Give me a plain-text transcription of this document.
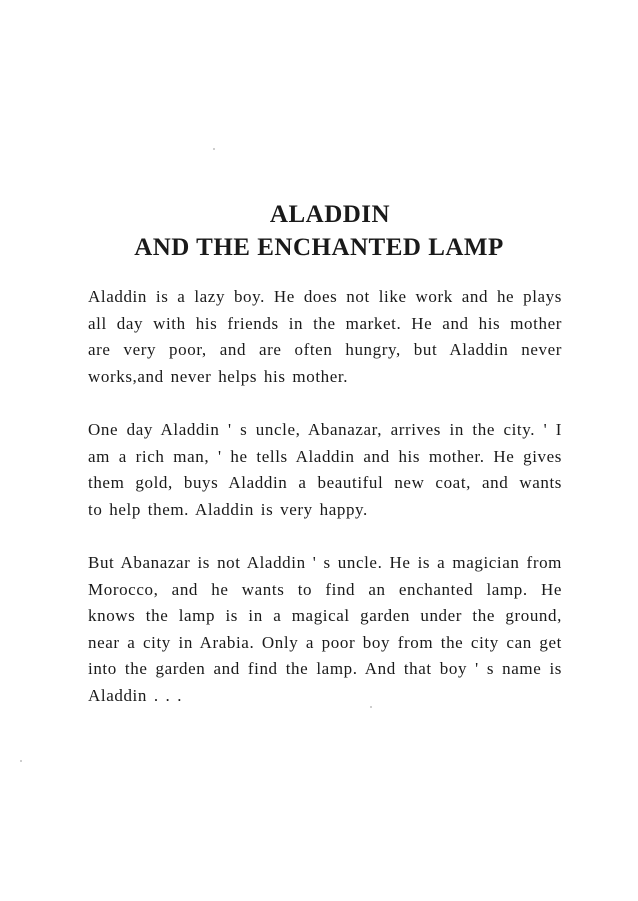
ALADDIN
AND THE ENCHANTED LAMP
Aladdin is a lazy boy. He does not like work and he plays
all day with his friends in the market. He and his mother
are very poor, and are often hungry, but Aladdin never
works,and never helps his mother.
One day Aladdin ' s uncle, Abanazar, arrives in the city. ' I
am a rich man, ' he tells Aladdin and his mother. He gives
them gold, buys Aladdin a beautiful new coat, and wants
to help them. Aladdin is very happy.
But Abanazar is not Aladdin ' s uncle. He is a magician from
Morocco, and he wants to find an enchanted lamp. He
knows the lamp is in a magical garden under the ground,
near a city in Arabia. Only a poor boy from the city can get
into the garden and find the lamp. And that boy ' s name is
Aladdin . . .
